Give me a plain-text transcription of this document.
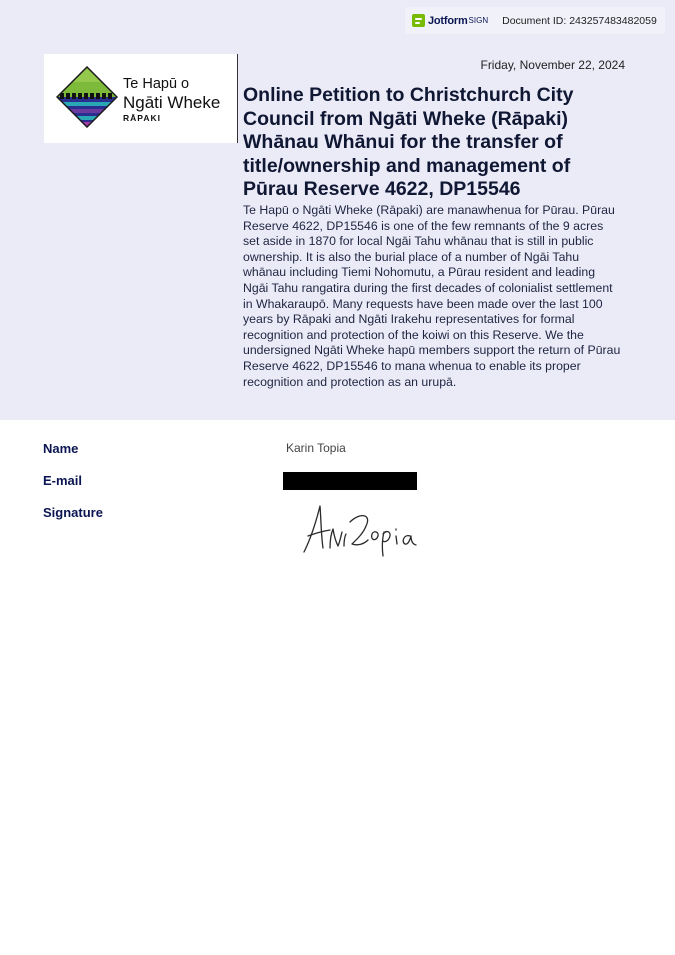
Jotform SIGN Document ID: 243257483482059
Te Hapū o
Ngāti Wheke
RĀPAKI
Friday, November 22, 2024
Online Petition to Christchurch City Council from Ngāti Wheke (Rāpaki) Whānau Whānui for the transfer of title/ownership and management of Pūrau Reserve 4622, DP15546

Te Hapū o Ngāti Wheke (Rāpaki) are manawhenua for Pūrau. Pūrau Reserve 4622, DP15546 is one of the few remnants of the 9 acres set aside in 1870 for local Ngāi Tahu whānau that is still in public ownership. It is also the burial place of a number of Ngāi Tahu whānau including Tiemi Nohomutu, a Pūrau resident and leading Ngāi Tahu rangatira during the first decades of colonialist settlement in Whakaraupō. Many requests have been made over the last 100 years by Rāpaki and Ngāti Irakehu representatives for formal recognition and protection of the koiwi on this Reserve. We the undersigned Ngāti Wheke hapū members support the return of Pūrau Reserve 4622, DP15546 to mana whenua to enable its proper recognition and protection as an urupā.

Name	Karin Topia
E-mail
Signature
